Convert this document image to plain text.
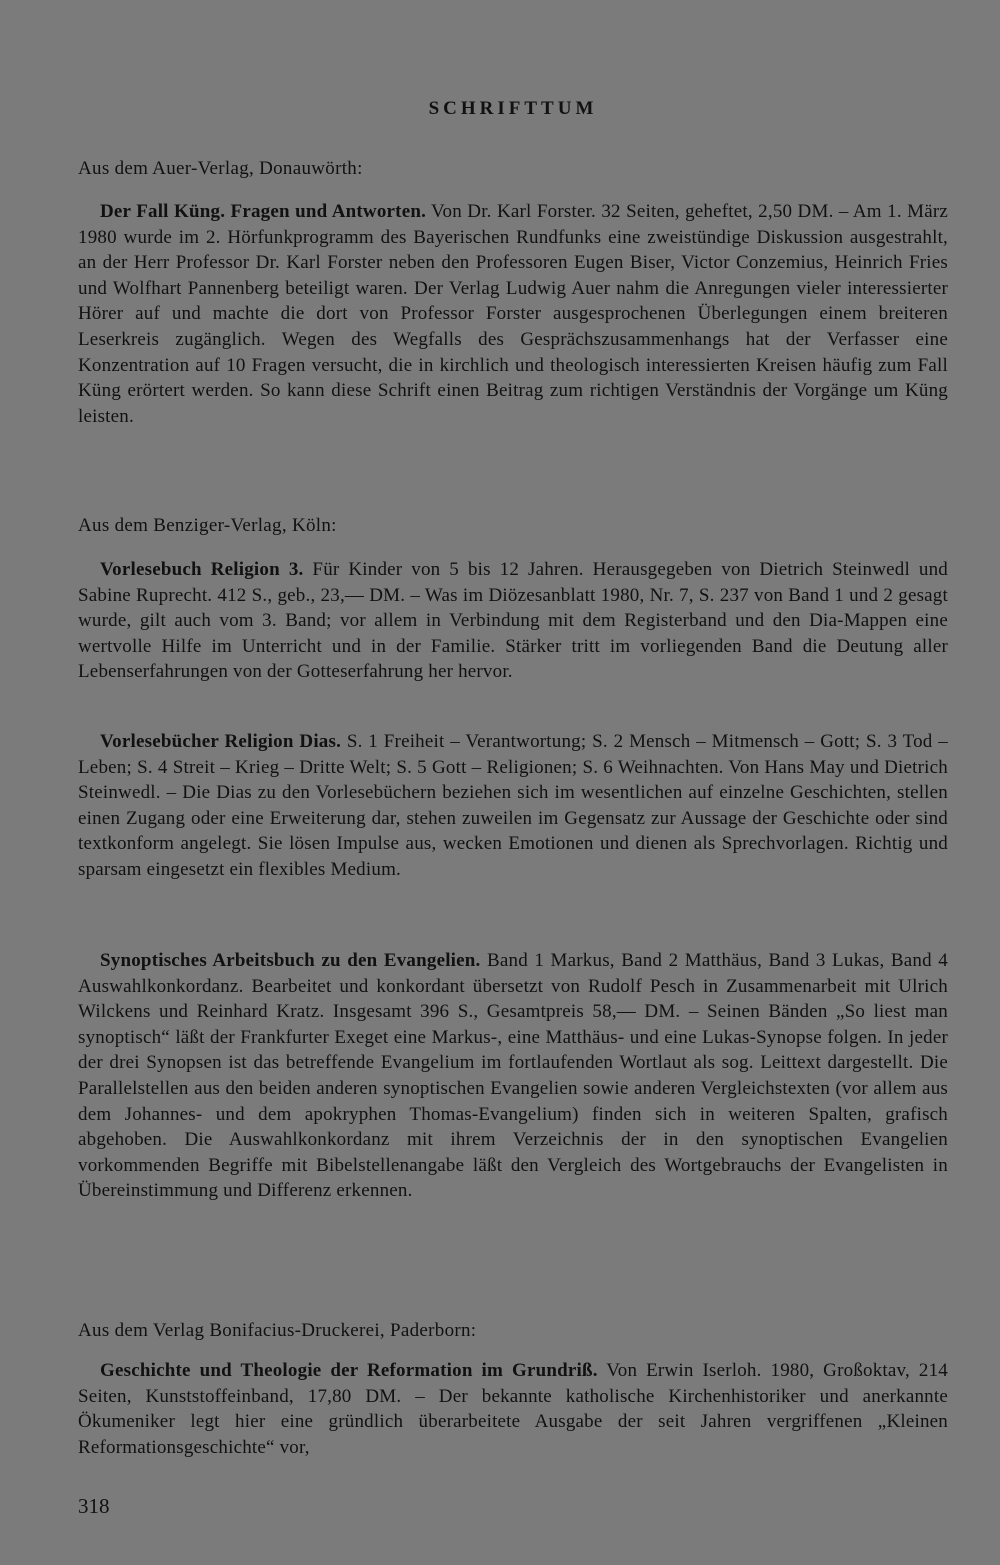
SCHRIFTTUM
Aus dem Auer-Verlag, Donauwörth:
Der Fall Küng. Fragen und Antworten. Von Dr. Karl Forster. 32 Seiten, geheftet, 2,50 DM. – Am 1. März 1980 wurde im 2. Hörfunkprogramm des Bayerischen Rundfunks eine zweistündige Diskussion ausgestrahlt, an der Herr Professor Dr. Karl Forster neben den Professoren Eugen Biser, Victor Conzemius, Heinrich Fries und Wolfhart Pannenberg beteiligt waren. Der Verlag Ludwig Auer nahm die Anregungen vieler interessierter Hörer auf und machte die dort von Professor Forster ausgesprochenen Überlegungen einem breiteren Leserkreis zugänglich. Wegen des Wegfalls des Gesprächszusammenhangs hat der Verfasser eine Konzentration auf 10 Fragen versucht, die in kirchlich und theologisch interessierten Kreisen häufig zum Fall Küng erörtert werden. So kann diese Schrift einen Beitrag zum richtigen Verständnis der Vorgänge um Küng leisten.
Aus dem Benziger-Verlag, Köln:
Vorlesebuch Religion 3. Für Kinder von 5 bis 12 Jahren. Herausgegeben von Dietrich Steinwedl und Sabine Ruprecht. 412 S., geb., 23,— DM. – Was im Diözesanblatt 1980, Nr. 7, S. 237 von Band 1 und 2 gesagt wurde, gilt auch vom 3. Band; vor allem in Verbindung mit dem Registerband und den Dia-Mappen eine wertvolle Hilfe im Unterricht und in der Familie. Stärker tritt im vorliegenden Band die Deutung aller Lebenserfahrungen von der Gotteserfahrung her hervor.
Vorlesebücher Religion Dias. S. 1 Freiheit – Verantwortung; S. 2 Mensch – Mitmensch – Gott; S. 3 Tod – Leben; S. 4 Streit – Krieg – Dritte Welt; S. 5 Gott – Religionen; S. 6 Weihnachten. Von Hans May und Dietrich Steinwedl. – Die Dias zu den Vorlesebüchern beziehen sich im wesentlichen auf einzelne Geschichten, stellen einen Zugang oder eine Erweiterung dar, stehen zuweilen im Gegensatz zur Aussage der Geschichte oder sind textkonform angelegt. Sie lösen Impulse aus, wecken Emotionen und dienen als Sprechvorlagen. Richtig und sparsam eingesetzt ein flexibles Medium.
Synoptisches Arbeitsbuch zu den Evangelien. Band 1 Markus, Band 2 Matthäus, Band 3 Lukas, Band 4 Auswahlkonkordanz. Bearbeitet und konkordant übersetzt von Rudolf Pesch in Zusammenarbeit mit Ulrich Wilckens und Reinhard Kratz. Insgesamt 396 S., Gesamtpreis 58,— DM. – Seinen Bänden „So liest man synoptisch“ läßt der Frankfurter Exeget eine Markus-, eine Matthäus- und eine Lukas-Synopse folgen. In jeder der drei Synopsen ist das betreffende Evangelium im fortlaufenden Wortlaut als sog. Leittext dargestellt. Die Parallelstellen aus den beiden anderen synoptischen Evangelien sowie anderen Vergleichstexten (vor allem aus dem Johannes- und dem apokryphen Thomas-Evangelium) finden sich in weiteren Spalten, grafisch abgehoben. Die Auswahlkonkordanz mit ihrem Verzeichnis der in den synoptischen Evangelien vorkommenden Begriffe mit Bibelstellenangabe läßt den Vergleich des Wortgebrauchs der Evangelisten in Übereinstimmung und Differenz erkennen.
Aus dem Verlag Bonifacius-Druckerei, Paderborn:
Geschichte und Theologie der Reformation im Grundriß. Von Erwin Iserloh. 1980, Großoktav, 214 Seiten, Kunststoffeinband, 17,80 DM. – Der bekannte katholische Kirchenhistoriker und anerkannte Ökumeniker legt hier eine gründlich überarbeitete Ausgabe der seit Jahren vergriffenen „Kleinen Reformationsgeschichte“ vor,
318
